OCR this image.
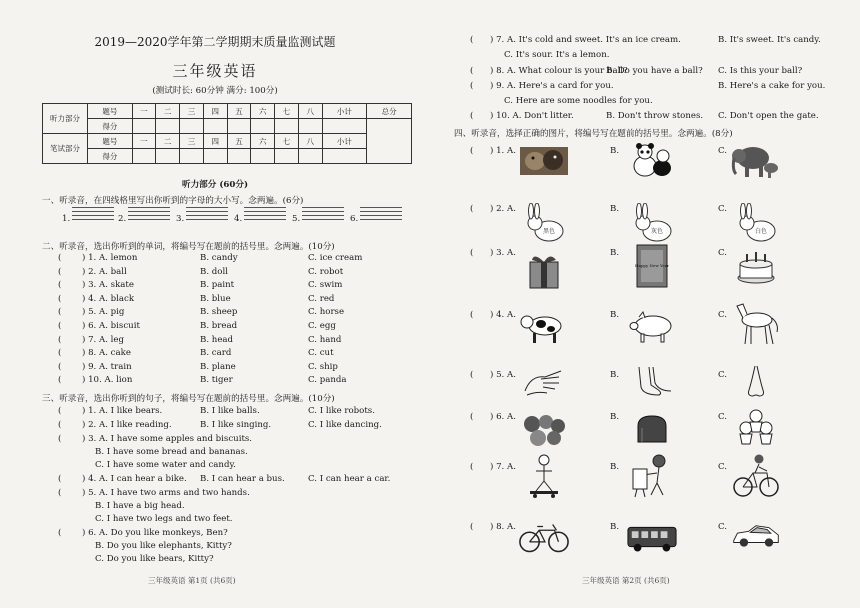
2019—2020学年第二学期期末质量监测试题
三年级英语
(测试时长: 60分钟 满分: 100分)
听力部分	题号	一	二	三	四	五	六	七	八	小计	总分
	得分										
笔试部分	题号	一	二	三	四	五	六	七	八	小计	
	得分										
听力部分 (60分)
一、听录音，在四线格里写出你听到的字母的大小写。念两遍。(6分)
1.	2.	3.	4.	5.	6.
二、听录音，选出你听到的单词，将编号写在题前的括号里。念两遍。(10分)
( ) 1. A. lemon	B. candy	C. ice cream
( ) 2. A. ball	B. doll	C. robot
( ) 3. A. skate	B. paint	C. swim
( ) 4. A. black	B. blue	C. red
( ) 5. A. pig	B. sheep	C. horse
( ) 6. A. biscuit	B. bread	C. egg
( ) 7. A. leg	B. head	C. hand
( ) 8. A. cake	B. card	C. cut
( ) 9. A. train	B. plane	C. ship
( ) 10. A. lion	B. tiger	C. panda
三、听录音，选出你听到的句子，将编号写在题前的括号里。念两遍。(10分)
( ) 1. A. I like bears.	B. I like balls.	C. I like robots.
( ) 2. A. I like reading.	B. I like singing.	C. I like dancing.
( ) 3. A. I have some apples and biscuits.
B. I have some bread and bananas.
C. I have some water and candy.
( ) 4. A. I can hear a bike. B. I can hear a bus.	C. I can hear a car.
( ) 5. A. I have two arms and two hands.
B. I have a big head.
C. I have two legs and two feet.
( ) 6. A. Do you like monkeys, Ben?
B. Do you like elephants, Kitty?
C. Do you like bears, Kitty?
三年级英语 第1页 (共6页)
( ) 7. A. It's cold and sweet. It's an ice cream.	B. It's sweet. It's candy.
C. It's sour. It's a lemon.
( ) 8. A. What colour is your ball?
B. Do you have a ball? C. Is this your ball?
( ) 9. A. Here's a card for you.	B. Here's a cake for you.
C. Here are some noodles for you.
( ) 10. A. Don't litter.	B. Don't throw stones. C. Don't open the gate.
四、听录音，选择正确的图片，将编号写在题前的括号里。念两遍。(8分)
( ) 1. A.	B.	C.
( ) 2. A.	B.	C.
( ) 3. A.	B.	C.
( ) 4. A.	B.	C.
( ) 5. A.	B.	C.
( ) 6. A.	B.	C.
( ) 7. A.	B.	C.
( ) 8. A.	B.	C.
黑色	灰色	白色
Happy New Year
三年级英语 第2页 (共6页)
